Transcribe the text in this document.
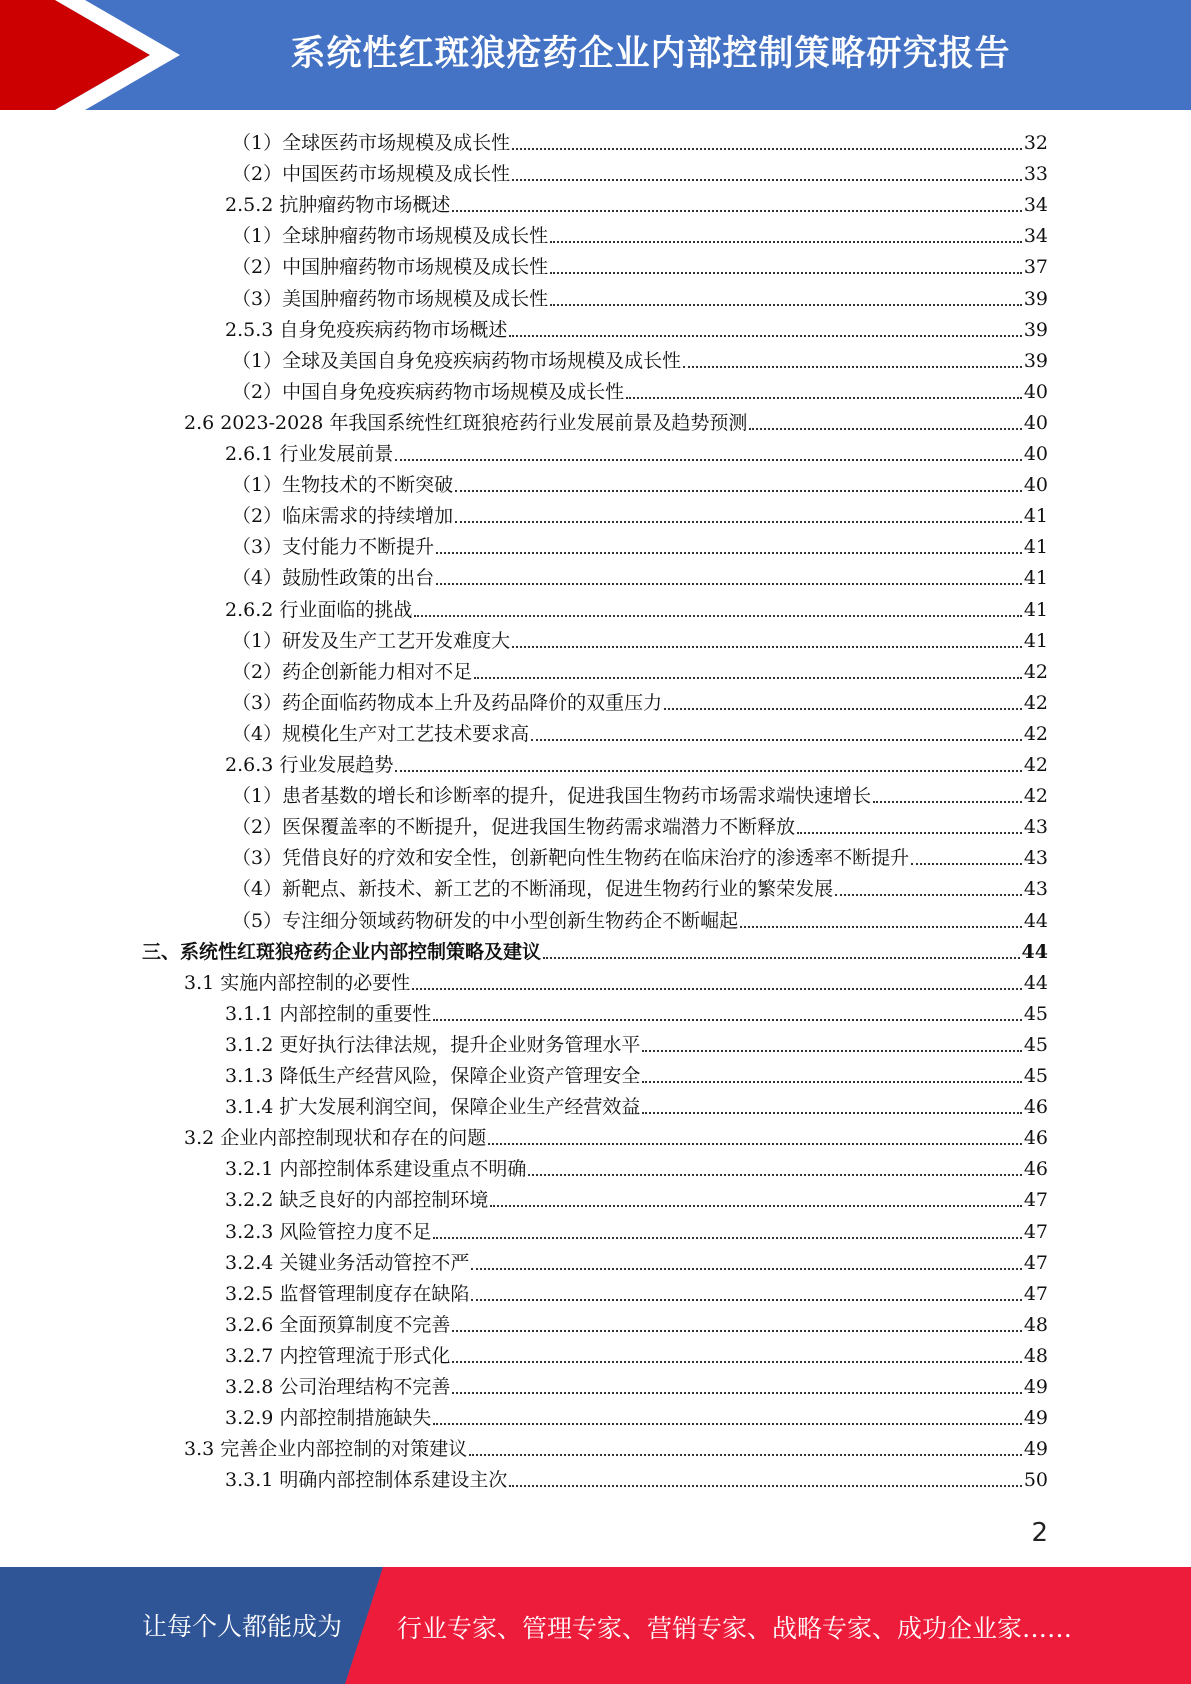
系统性红斑狼疮药企业内部控制策略研究报告
（1） 全球医药市场规模及成长性	32
（2） 中国医药市场规模及成长性	33
2.5.2 抗肿瘤药物市场概述	34
（1） 全球肿瘤药物市场规模及成长性	34
（2） 中国肿瘤药物市场规模及成长性	37
（3） 美国肿瘤药物市场规模及成长性	39
2.5.3 自身免疫疾病药物市场概述	39
（1） 全球及美国自身免疫疾病药物市场规模及成长性	39
（2） 中国自身免疫疾病药物市场规模及成长性	40
2.6 2023-2028 年我国系统性红斑狼疮药行业发展前景及趋势预测	40
2.6.1 行业发展前景	40
（1） 生物技术的不断突破	40
（2） 临床需求的持续增加	41
（3） 支付能力不断提升	41
（4） 鼓励性政策的出台	41
2.6.2 行业面临的挑战	41
（1） 研发及生产工艺开发难度大	41
（2） 药企创新能力相对不足	42
（3） 药企面临药物成本上升及药品降价的双重压力	42
（4） 规模化生产对工艺技术要求高	42
2.6.3 行业发展趋势	42
（1） 患者基数的增长和诊断率的提升，促进我国生物药市场需求端快速增长	42
（2） 医保覆盖率的不断提升，促进我国生物药需求端潜力不断释放	43
（3） 凭借良好的疗效和安全性，创新靶向性生物药在临床治疗的渗透率不断提升	43
（4） 新靶点、新技术、新工艺的不断涌现，促进生物药行业的繁荣发展	43
（5） 专注细分领域药物研发的中小型创新生物药企不断崛起	44
三、 系统性红斑狼疮药企业内部控制策略及建议	44
3.1 实施内部控制的必要性	44
3.1.1 内部控制的重要性	45
3.1.2 更好执行法律法规，提升企业财务管理水平	45
3.1.3 降低生产经营风险，保障企业资产管理安全	45
3.1.4 扩大发展利润空间，保障企业生产经营效益	46
3.2 企业内部控制现状和存在的问题	46
3.2.1 内部控制体系建设重点不明确	46
3.2.2 缺乏良好的内部控制环境	47
3.2.3 风险管控力度不足	47
3.2.4 关键业务活动管控不严	47
3.2.5 监督管理制度存在缺陷	47
3.2.6 全面预算制度不完善	48
3.2.7 内控管理流于形式化	48
3.2.8 公司治理结构不完善	49
3.2.9 内部控制措施缺失	49
3.3 完善企业内部控制的对策建议	49
3.3.1 明确内部控制体系建设主次	50
2
让每个人都能成为 行业专家、管理专家、营销专家、战略专家、成功企业家……
